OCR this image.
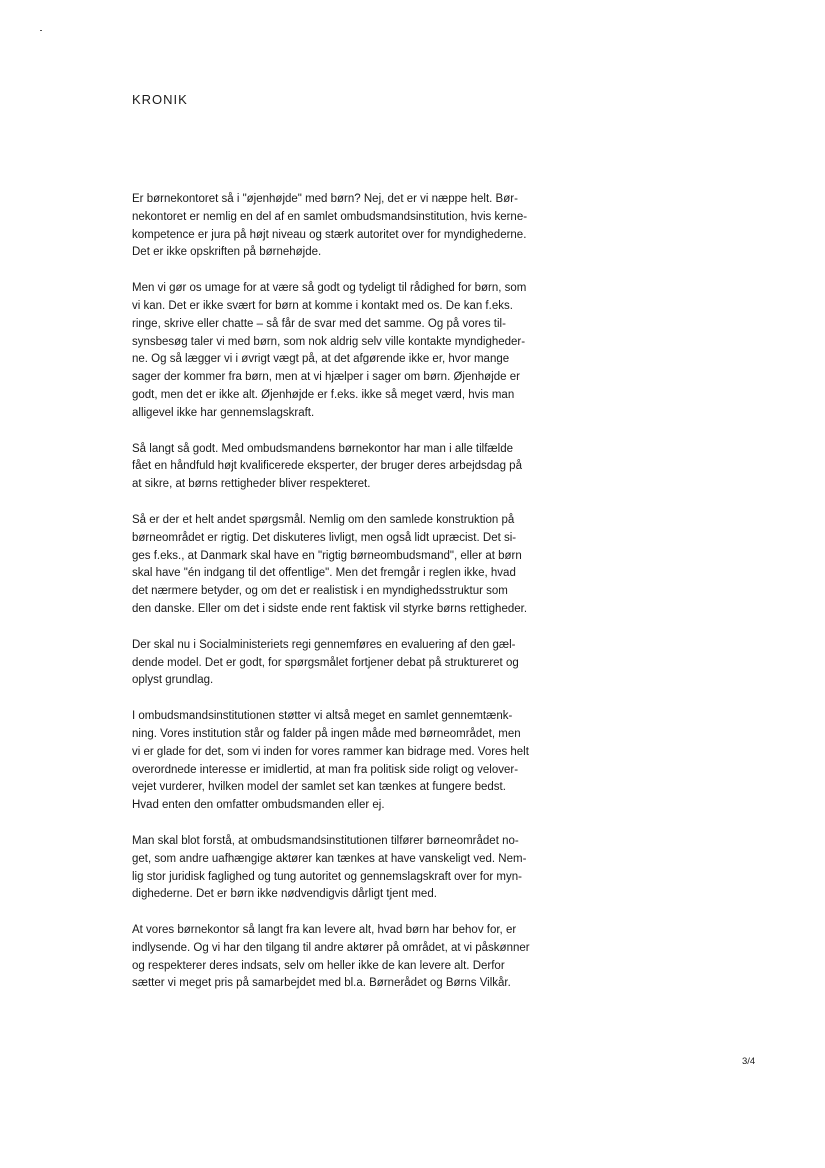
KRONIK

Er børnekontoret så i "øjenhøjde" med børn? Nej, det er vi næppe helt. Bør-
nekontoret er nemlig en del af en samlet ombudsmandsinstitution, hvis kerne-
kompetence er jura på højt niveau og stærk autoritet over for myndighederne.
Det er ikke opskriften på børnehøjde.

Men vi gør os umage for at være så godt og tydeligt til rådighed for børn, som
vi kan. Det er ikke svært for børn at komme i kontakt med os. De kan f.eks.
ringe, skrive eller chatte – så får de svar med det samme. Og på vores til-
synsbesøg taler vi med børn, som nok aldrig selv ville kontakte myndigheder-
ne. Og så lægger vi i øvrigt vægt på, at det afgørende ikke er, hvor mange
sager der kommer fra børn, men at vi hjælper i sager om børn. Øjenhøjde er
godt, men det er ikke alt. Øjenhøjde er f.eks. ikke så meget værd, hvis man
alligevel ikke har gennemslagskraft.

Så langt så godt. Med ombudsmandens børnekontor har man i alle tilfælde
fået en håndfuld højt kvalificerede eksperter, der bruger deres arbejdsdag på
at sikre, at børns rettigheder bliver respekteret.

Så er der et helt andet spørgsmål. Nemlig om den samlede konstruktion på
børneområdet er rigtig. Det diskuteres livligt, men også lidt upræcist. Det si-
ges f.eks., at Danmark skal have en "rigtig børneombudsmand", eller at børn
skal have "én indgang til det offentlige". Men det fremgår i reglen ikke, hvad
det nærmere betyder, og om det er realistisk i en myndighedsstruktur som
den danske. Eller om det i sidste ende rent faktisk vil styrke børns rettigheder.

Der skal nu i Socialministeriets regi gennemføres en evaluering af den gæl-
dende model. Det er godt, for spørgsmålet fortjener debat på struktureret og
oplyst grundlag.

I ombudsmandsinstitutionen støtter vi altså meget en samlet gennemtænk-
ning. Vores institution står og falder på ingen måde med børneområdet, men
vi er glade for det, som vi inden for vores rammer kan bidrage med. Vores helt
overordnede interesse er imidlertid, at man fra politisk side roligt og velover-
vejet vurderer, hvilken model der samlet set kan tænkes at fungere bedst.
Hvad enten den omfatter ombudsmanden eller ej.

Man skal blot forstå, at ombudsmandsinstitutionen tilfører børneområdet no-
get, som andre uafhængige aktører kan tænkes at have vanskeligt ved. Nem-
lig stor juridisk faglighed og tung autoritet og gennemslagskraft over for myn-
dighederne. Det er børn ikke nødvendigvis dårligt tjent med.

At vores børnekontor så langt fra kan levere alt, hvad børn har behov for, er
indlysende. Og vi har den tilgang til andre aktører på området, at vi påskønner
og respekterer deres indsats, selv om heller ikke de kan levere alt. Derfor
sætter vi meget pris på samarbejdet med bl.a. Børnerådet og Børns Vilkår.

3/4
